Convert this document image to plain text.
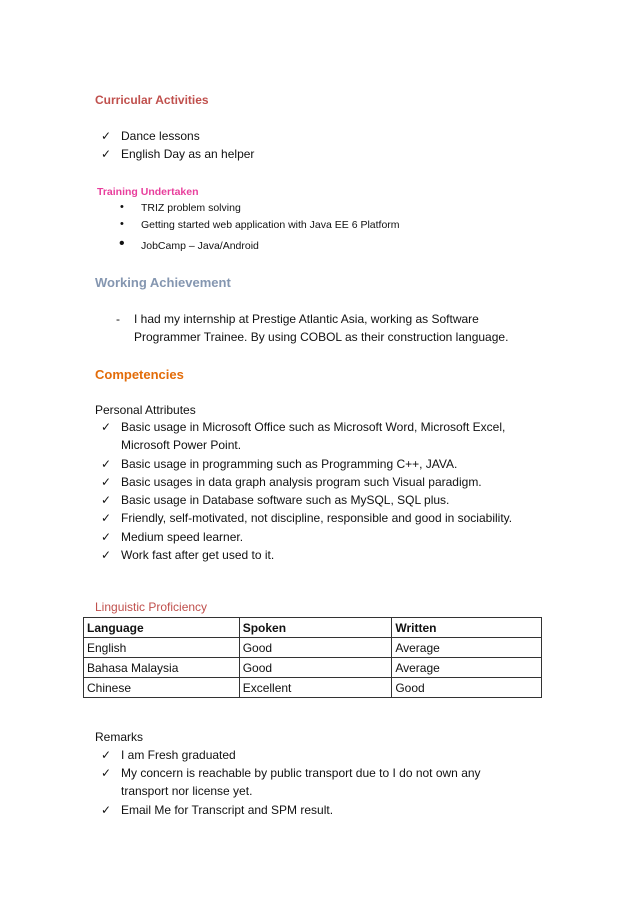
Curricular Activities
✓ Dance lessons
✓ English Day as an helper
Training Undertaken
• TRIZ problem solving
• Getting started web application with Java EE 6 Platform
• JobCamp – Java/Android
Working Achievement
- I had my internship at Prestige Atlantic Asia, working as Software
Programmer Trainee. By using COBOL as their construction language.
Competencies
Personal Attributes
✓ Basic usage in Microsoft Office such as Microsoft Word, Microsoft Excel,
Microsoft Power Point.
✓ Basic usage in programming such as Programming C++, JAVA.
✓ Basic usages in data graph analysis program such Visual paradigm.
✓ Basic usage in Database software such as MySQL, SQL plus.
✓ Friendly, self-motivated, not discipline, responsible and good in sociability.
✓ Medium speed learner.
✓ Work fast after get used to it.
Linguistic Proficiency
Language	Spoken	Written
English	Good	Average
Bahasa Malaysia	Good	Average
Chinese	Excellent	Good
Remarks
✓ I am Fresh graduated
✓ My concern is reachable by public transport due to I do not own any
transport nor license yet.
✓ Email Me for Transcript and SPM result.
